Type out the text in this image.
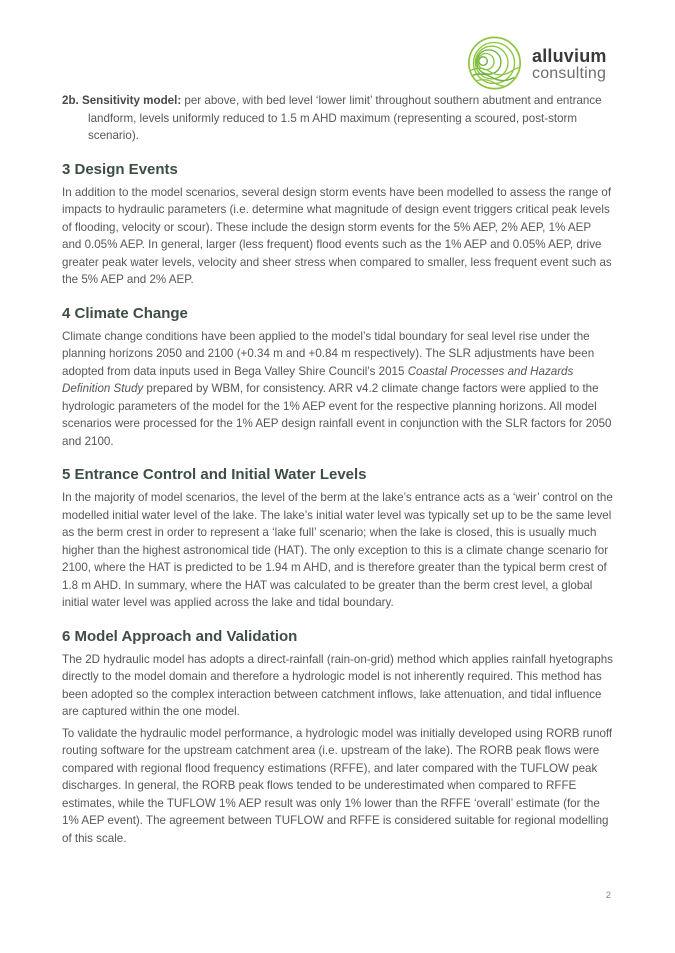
alluvium
consulting

2b. Sensitivity model: per above, with bed level ‘lower limit’ throughout southern abutment and entrance landform, levels uniformly reduced to 1.5 m AHD maximum (representing a scoured, post-storm scenario).

3 Design Events

In addition to the model scenarios, several design storm events have been modelled to assess the range of impacts to hydraulic parameters (i.e. determine what magnitude of design event triggers critical peak levels of flooding, velocity or scour). These include the design storm events for the 5% AEP, 2% AEP, 1% AEP and 0.05% AEP. In general, larger (less frequent) flood events such as the 1% AEP and 0.05% AEP, drive greater peak water levels, velocity and sheer stress when compared to smaller, less frequent event such as the 5% AEP and 2% AEP.

4 Climate Change

Climate change conditions have been applied to the model’s tidal boundary for seal level rise under the planning horizons 2050 and 2100 (+0.34 m and +0.84 m respectively). The SLR adjustments have been adopted from data inputs used in Bega Valley Shire Council’s 2015 Coastal Processes and Hazards Definition Study prepared by WBM, for consistency. ARR v4.2 climate change factors were applied to the hydrologic parameters of the model for the 1% AEP event for the respective planning horizons. All model scenarios were processed for the 1% AEP design rainfall event in conjunction with the SLR factors for 2050 and 2100.

5 Entrance Control and Initial Water Levels

In the majority of model scenarios, the level of the berm at the lake’s entrance acts as a ‘weir’ control on the modelled initial water level of the lake. The lake’s initial water level was typically set up to be the same level as the berm crest in order to represent a ‘lake full’ scenario; when the lake is closed, this is usually much higher than the highest astronomical tide (HAT). The only exception to this is a climate change scenario for 2100, where the HAT is predicted to be 1.94 m AHD, and is therefore greater than the typical berm crest of 1.8 m AHD. In summary, where the HAT was calculated to be greater than the berm crest level, a global initial water level was applied across the lake and tidal boundary.

6 Model Approach and Validation

The 2D hydraulic model has adopts a direct-rainfall (rain-on-grid) method which applies rainfall hyetographs directly to the model domain and therefore a hydrologic model is not inherently required. This method has been adopted so the complex interaction between catchment inflows, lake attenuation, and tidal influence are captured within the one model.

To validate the hydraulic model performance, a hydrologic model was initially developed using RORB runoff routing software for the upstream catchment area (i.e. upstream of the lake). The RORB peak flows were compared with regional flood frequency estimations (RFFE), and later compared with the TUFLOW peak discharges. In general, the RORB peak flows tended to be underestimated when compared to RFFE estimates, while the TUFLOW 1% AEP result was only 1% lower than the RFFE ‘overall’ estimate (for the 1% AEP event). The agreement between TUFLOW and RFFE is considered suitable for regional modelling of this scale.

2
